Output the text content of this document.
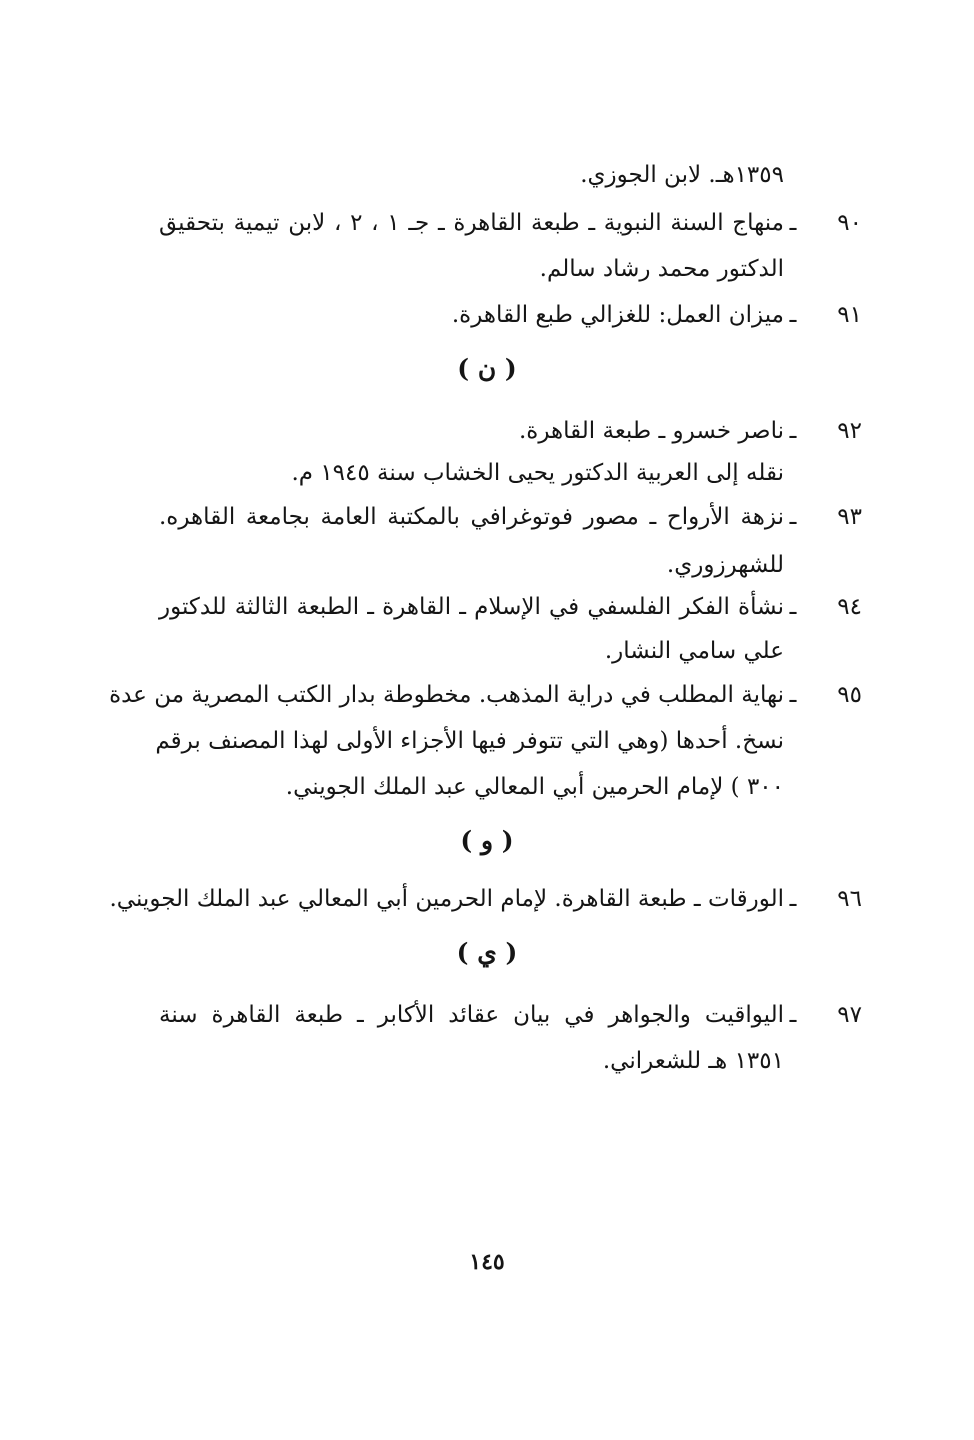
١٣٥٩هـ. لابن الجوزي.
٩٠
ـ
منهاج السنة النبوية ـ طبعة القاهرة ـ جـ ١ ، ٢ ، لابن تيمية بتحقيق
الدكتور محمد رشاد سالم.
٩١
ـ
ميزان العمل: للغزالي طبع القاهرة.
( ن )
٩٢
ـ
ناصر خسرو ـ طبعة القاهرة.
نقله إلى العربية الدكتور يحيى الخشاب سنة ١٩٤٥ م.
٩٣
ـ
نزهة الأرواح ـ مصور فوتوغرافي بالمكتبة العامة بجامعة القاهره.
للشهرزوري.
٩٤
ـ
نشأة الفكر الفلسفي في الإسلام ـ القاهرة ـ الطبعة الثالثة للدكتور
علي سامي النشار.
٩٥
ـ
نهاية المطلب في دراية المذهب. مخطوطة بدار الكتب المصرية من عدة
نسخ. أحدها (وهي التي تتوفر فيها الأجزاء الأولى لهذا المصنف برقم
٣٠٠ ) لإمام الحرمين أبي المعالي عبد الملك الجويني.
( و )
٩٦
ـ
الورقات ـ طبعة القاهرة. لإمام الحرمين أبي المعالي عبد الملك الجويني.
( ي )
٩٧
ـ
اليواقيت والجواهر في بيان عقائد الأكابر ـ طبعة القاهرة سنة
١٣٥١ هـ للشعراني.
١٤٥
